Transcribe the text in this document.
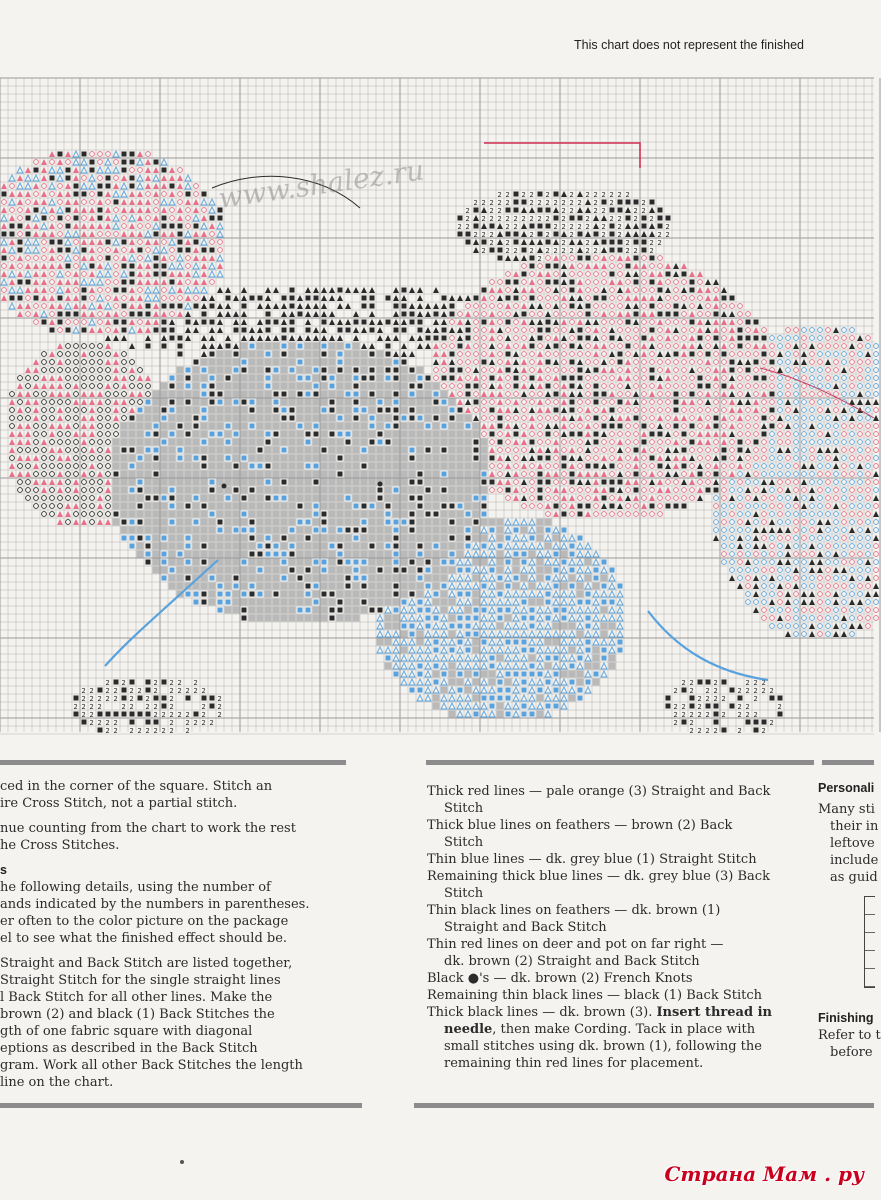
This chart does not represent the finished
2 2 2 2 2	2 2 2 2 2 2 2
2 2 2 2 2	2 2 2 2 2 2 2 2 2	2
2	2 2	2 2	2 2	2 2
2 2 2 2 2 2 2 2 2 2 2	2	2 2 2 2
2 2	2 2	2 2 2 2 2 2 2	2
2 2 2	2 2	2	2 2	2 2
2 2	2	2	2	2 2
2	2 2 2 2 2 2 2 2 2	2 2 2
2
2 2	2 2 2 2	2 2	2	2 2 2
2 2 2 2 2 2 2 2 2 2 2 2	2 2 2 2	2 2 2 2 2
2 2 2 2 2 2 2	2	2	2 2 2 2	2
2 2 2 2	2 2 2 2 2	2 2	2 2 2	2 2	2
2 2	2 2 2 2 2 2 2	2 2 2 2 2 2 2 2 2
2 2 2 2	2 2 2 2 2	2 2	2
2 2 2 2 2 2 2 2 2	2 2 2 2	2	2
www.shalez.ru

ced in the corner of the square. Stitch an

ire Cross Stitch, not a partial stitch.

nue counting from the chart to work the rest

he Cross Stitches.

s

he following details, using the number of

ands indicated by the numbers in parentheses.

er often to the color picture on the package

el to see what the finished effect should be.

Straight and Back Stitch are listed together,

Straight Stitch for the single straight lines

l Back Stitch for all other lines. Make the

brown (2) and black (1) Back Stitches the

gth of one fabric square with diagonal

eptions as described in the Back Stitch

gram. Work all other Back Stitches the length

line on the chart.

Thick red lines — pale orange (3) Straight and Back

Stitch

Thick blue lines on feathers — brown (2) Back

Stitch

Thin blue lines — dk. grey blue (1) Straight Stitch

Remaining thick blue lines — dk. grey blue (3) Back

Stitch

Thin black lines on feathers — dk. brown (1)

Straight and Back Stitch

Thin red lines on deer and pot on far right —

dk. brown (2) Straight and Back Stitch

Black ●'s — dk. brown (2) French Knots

Remaining thin black lines — black (1) Back Stitch

Thick black lines — dk. brown (3). Insert thread in

needle, then make Cording. Tack in place with

small stitches using dk. brown (1), following the

remaining thin red lines for placement.

Personali

Many sti

their in

leftove

include

as guid

Finishing

Refer to t

before

Страна Мам . ру
